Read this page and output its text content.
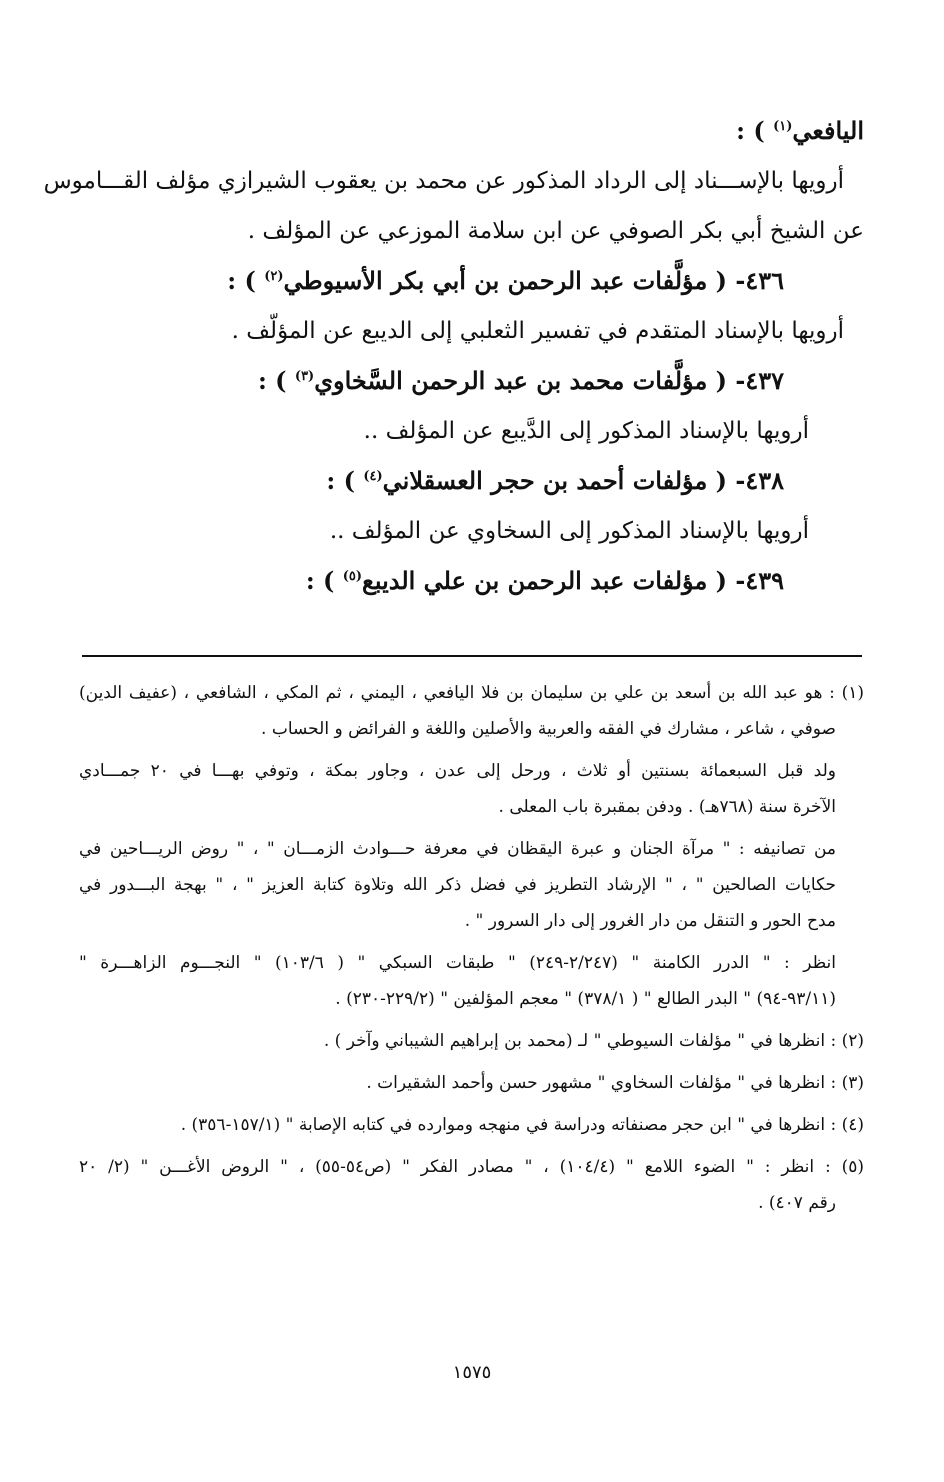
اليافعي$^{(١)}$ ) :
أرويها بالإســـناد إلى الرداد المذكور عن محمد بن يعقوب الشيرازي مؤلف القـــاموس
عن الشيخ أبي بكر الصوفي عن ابن سلامة الموزعي عن المؤلف .
٤٣٦- ( مؤلَّفات عبد الرحمن بن أبي بكر الأسيوطي$^{(٢)}$ ) :
أرويها بالإسناد المتقدم في تفسير الثعلبي إلى الديبع عن المؤلّف .
٤٣٧- ( مؤلَّفات محمد بن عبد الرحمن السَّخاوي$^{(٣)}$ ) :
أرويها بالإسناد المذكور إلى الدَّيبع عن المؤلف ..
٤٣٨- ( مؤلفات أحمد بن حجر العسقلاني$^{(٤)}$ ) :
أرويها بالإسناد المذكور إلى السخاوي عن المؤلف ..
٤٣٩- ( مؤلفات عبد الرحمن بن علي الديبع$^{(٥)}$ ) :
(١) : هو عبد الله بن أسعد بن علي بن سليمان بن فلا اليافعي ، اليمني ، ثم المكي ، الشافعي ، (عفيف الدين)
صوفي ، شاعر ، مشارك في الفقه والعربية والأصلين واللغة و الفرائض و الحساب .
ولد قبل السبعمائة بسنتين أو ثلاث ، ورحل إلى عدن ، وجاور بمكة ، وتوفي بهـــا في ٢٠ جمـــادي
الآخرة سنة (٧٦٨هـ) . ودفن بمقبرة باب المعلى .
من تصانيفه : " مرآة الجنان و عبرة اليقظان في معرفة حـــوادث الزمـــان " ، " روض الريـــاحين في
حكايات الصالحين " ، " الإرشاد التطريز في فضل ذكر الله وتلاوة كتابة العزيز " ، " بهجة البـــدور في
مدح الحور و التنقل من دار الغرور إلى دار السرور " .
انظر : " الدرر الكامنة " (٢/٢٤٧-٢٤٩) " طبقات السبكي " ( ١٠٣/٦) " النجـــوم الزاهـــرة "
(٩٣/١١-٩٤) " البدر الطالع " ( ٣٧٨/١) " معجم المؤلفين " (٢٢٩/٢-٢٣٠) .
(٢) : انظرها في " مؤلفات السيوطي " لـ (محمد بن إبراهيم الشيباني وآخر ) .
(٣) : انظرها في " مؤلفات السخاوي " مشهور حسن وأحمد الشقيرات .
(٤) : انظرها في " ابن حجر مصنفاته ودراسة في منهجه وموارده في كتابه الإصابة " (١٥٧/١-٣٥٦) .
(٥) : انظر : " الضوء اللامع " (١٠٤/٤) ، " مصادر الفكر " (ص٥٤-٥٥) ، " الروض الأغـــن " (٢/ ٢٠
رقم ٤٠٧) .
١٥٧٥
